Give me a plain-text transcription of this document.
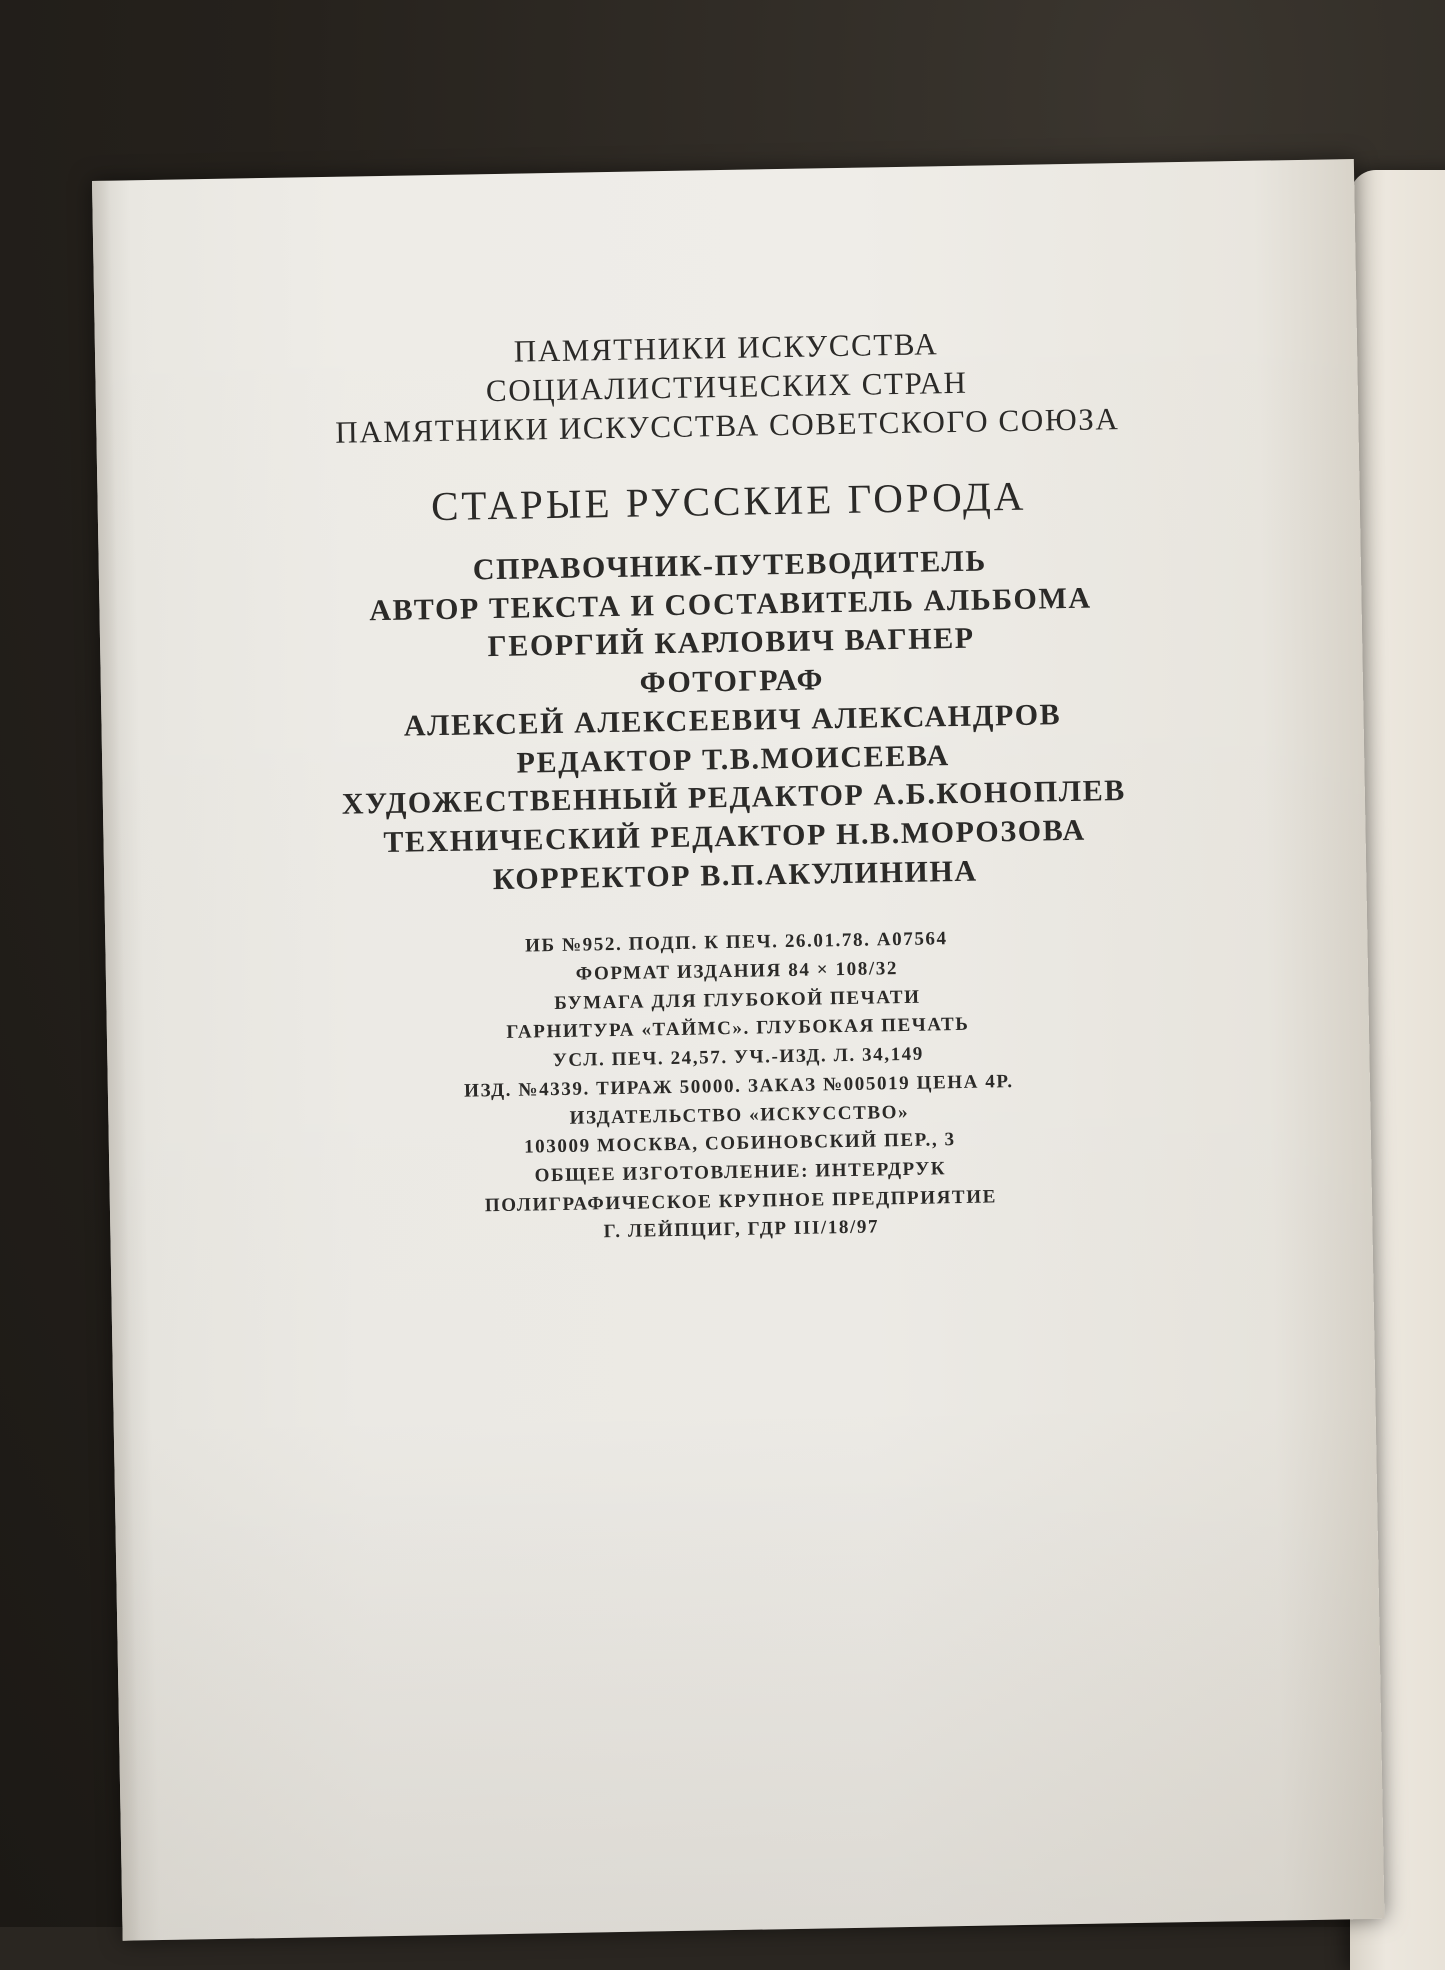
ПАМЯТНИКИ ИСКУССТВА
СОЦИАЛИСТИЧЕСКИХ СТРАН
ПАМЯТНИКИ ИСКУССТВА СОВЕТСКОГО СОЮЗА
СТАРЫЕ РУССКИЕ ГОРОДА
СПРАВОЧНИК-ПУТЕВОДИТЕЛЬ
АВТОР ТЕКСТА И СОСТАВИТЕЛЬ АЛЬБОМА
ГЕОРГИЙ КАРЛОВИЧ ВАГНЕР
ФОТОГРАФ
АЛЕКСЕЙ АЛЕКСЕЕВИЧ АЛЕКСАНДРОВ
РЕДАКТОР Т.В.МОИСЕЕВА
ХУДОЖЕСТВЕННЫЙ РЕДАКТОР А.Б.КОНОПЛЕВ
ТЕХНИЧЕСКИЙ РЕДАКТОР Н.В.МОРОЗОВА
КОРРЕКТОР В.П.АКУЛИНИНА
ИБ №952. ПОДП. К ПЕЧ. 26.01.78. А07564
ФОРМАТ ИЗДАНИЯ 84 × 108/32
БУМАГА ДЛЯ ГЛУБОКОЙ ПЕЧАТИ
ГАРНИТУРА «ТАЙМС». ГЛУБОКАЯ ПЕЧАТЬ
УСЛ. ПЕЧ. 24,57. УЧ.-ИЗД. Л. 34,149
ИЗД. №4339. ТИРАЖ 50000. ЗАКАЗ №005019 ЦЕНА 4Р.
ИЗДАТЕЛЬСТВО «ИСКУССТВО»
103009 МОСКВА, СОБИНОВСКИЙ ПЕР., 3
ОБЩЕЕ ИЗГОТОВЛЕНИЕ: ИНТЕРДРУК
ПОЛИГРАФИЧЕСКОЕ КРУПНОЕ ПРЕДПРИЯТИЕ
Г. ЛЕЙПЦИГ, ГДР III/18/97
